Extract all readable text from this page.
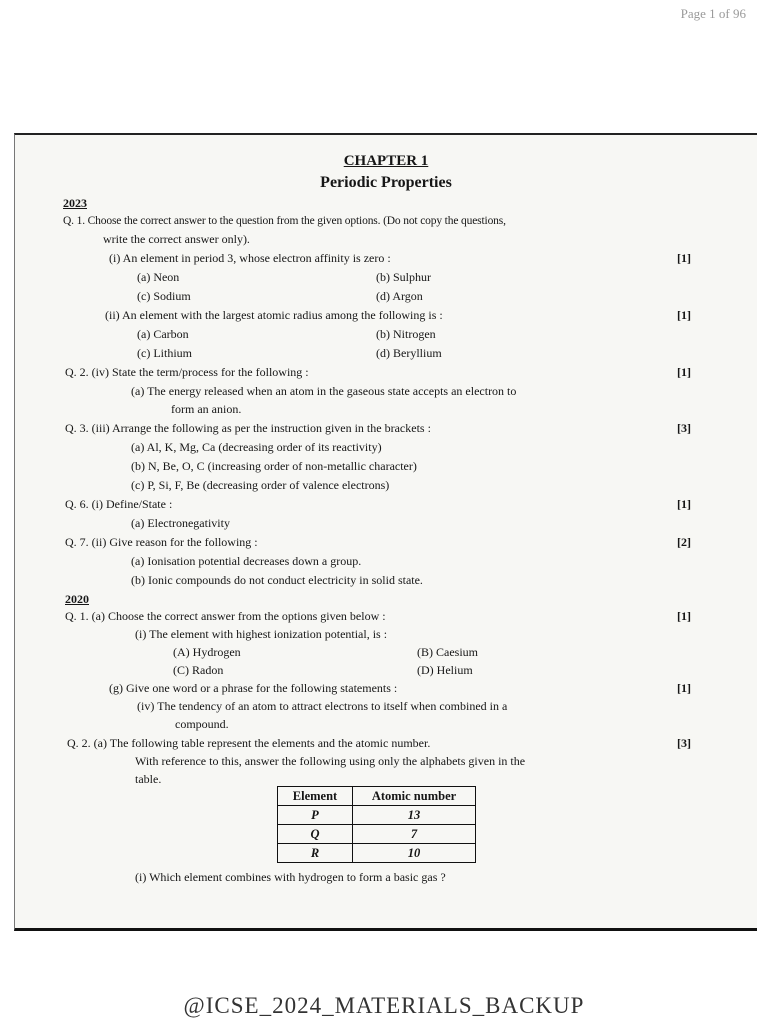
Page 1 of 96
CHAPTER 1
Periodic Properties
2023
Q. 1. Choose the correct answer to the question from the given options. (Do not copy the questions,
write the correct answer only).
(i) An element in period 3, whose electron affinity is zero :	[1]
(a) Neon	(b) Sulphur
(c) Sodium	(d) Argon
(ii) An element with the largest atomic radius among the following is :	[1]
(a) Carbon	(b) Nitrogen
(c) Lithium	(d) Beryllium
Q. 2. (iv) State the term/process for the following :	[1]
(a) The energy released when an atom in the gaseous state accepts an electron to
form an anion.
Q. 3. (iii) Arrange the following as per the instruction given in the brackets :	[3]
(a) Al, K, Mg, Ca (decreasing order of its reactivity)
(b) N, Be, O, C (increasing order of non-metallic character)
(c) P, Si, F, Be (decreasing order of valence electrons)
Q. 6. (i) Define/State :	[1]
(a) Electronegativity
Q. 7. (ii) Give reason for the following :	[2]
(a) Ionisation potential decreases down a group.
(b) Ionic compounds do not conduct electricity in solid state.
2020
Q. 1. (a) Choose the correct answer from the options given below :	[1]
(i) The element with highest ionization potential, is :
(A) Hydrogen	(B) Caesium
(C) Radon	(D) Helium
(g) Give one word or a phrase for the following statements :	[1]
(iv) The tendency of an atom to attract electrons to itself when combined in a
compound.
Q. 2. (a) The following table represent the elements and the atomic number.	[3]
With reference to this, answer the following using only the alphabets given in the
table.
Element	Atomic number
P	13
Q	7
R	10
(i) Which element combines with hydrogen to form a basic gas ?
@ICSE_2024_MATERIALS_BACKUP
